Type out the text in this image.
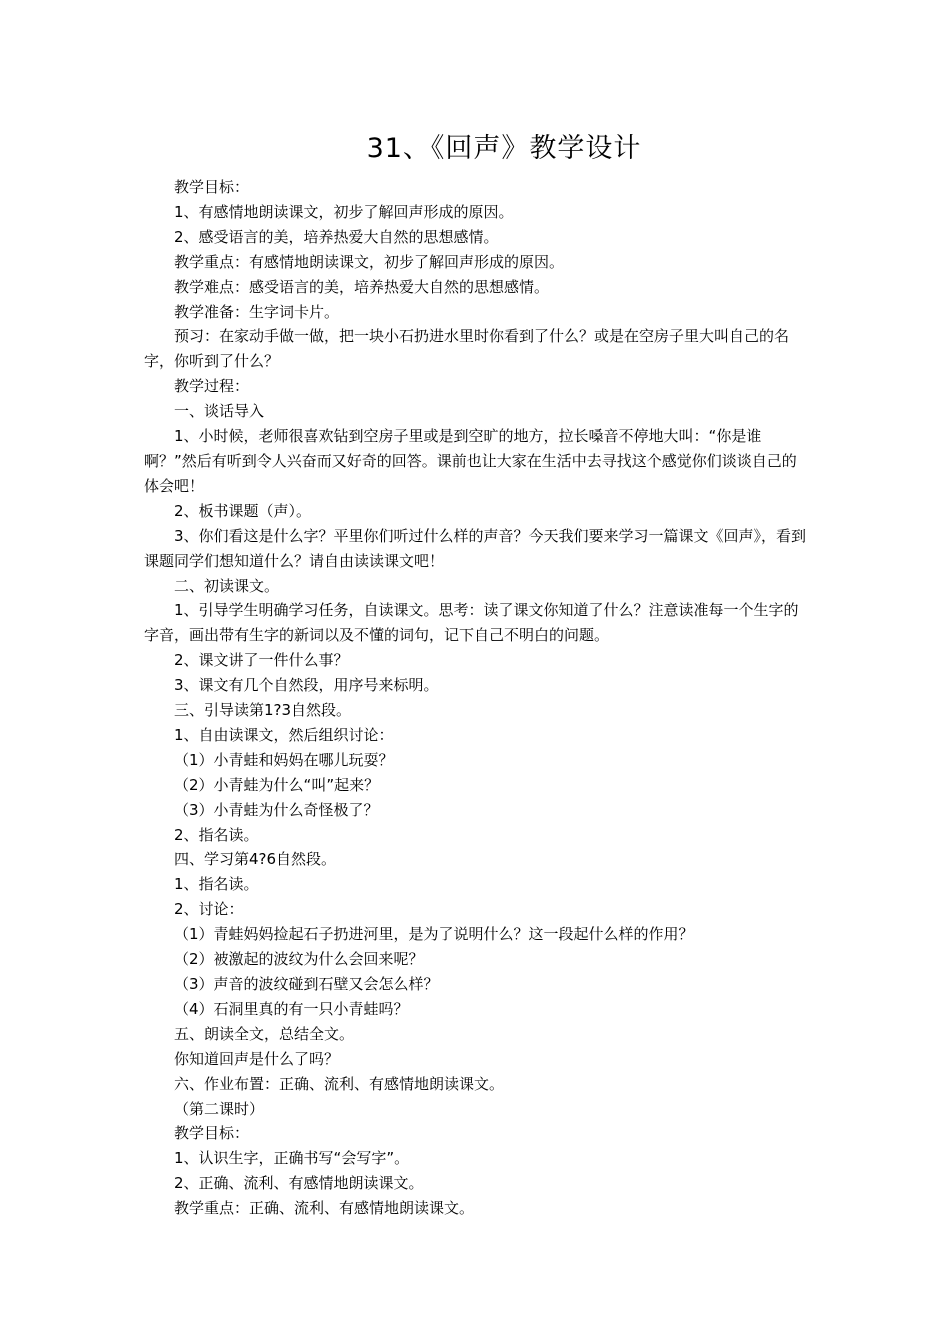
31、《回声》教学设计

教学目标：

1、有感情地朗读课文，初步了解回声形成的原因。

2、感受语言的美，培养热爱大自然的思想感情。

教学重点：有感情地朗读课文，初步了解回声形成的原因。

教学难点：感受语言的美，培养热爱大自然的思想感情。

教学准备：生字词卡片。

预习：在家动手做一做，把一块小石扔进水里时你看到了什么？或是在空房子里大叫自己的名字，你听到了什么？

教学过程：

一、谈话导入

1、小时候，老师很喜欢钻到空房子里或是到空旷的地方，拉长嗓音不停地大叫：“你是谁啊？”然后有听到令人兴奋而又好奇的回答。课前也让大家在生活中去寻找这个感觉你们谈谈自己的体会吧！

2、板书课题（声）。

3、你们看这是什么字？平里你们听过什么样的声音？今天我们要来学习一篇课文《回声》，看到课题同学们想知道什么？请自由读读课文吧！

二、初读课文。

1、引导学生明确学习任务，自读课文。思考：读了课文你知道了什么？注意读准每一个生字的字音，画出带有生字的新词以及不懂的词句，记下自己不明白的问题。

2、课文讲了一件什么事？

3、课文有几个自然段，用序号来标明。

三、引导读第1?3自然段。

1、自由读课文，然后组织讨论：

（1）小青蛙和妈妈在哪儿玩耍？

（2）小青蛙为什么“叫”起来？

（3）小青蛙为什么奇怪极了？

2、指名读。

四、学习第4?6自然段。

1、指名读。

2、讨论：

（1）青蛙妈妈捡起石子扔进河里，是为了说明什么？这一段起什么样的作用？

（2）被激起的波纹为什么会回来呢？

（3）声音的波纹碰到石壁又会怎么样？

（4）石洞里真的有一只小青蛙吗？

五、朗读全文，总结全文。

你知道回声是什么了吗？

六、作业布置：正确、流利、有感情地朗读课文。

（第二课时）

教学目标：

1、认识生字，正确书写“会写字”。

2、正确、流利、有感情地朗读课文。

教学重点：正确、流利、有感情地朗读课文。
